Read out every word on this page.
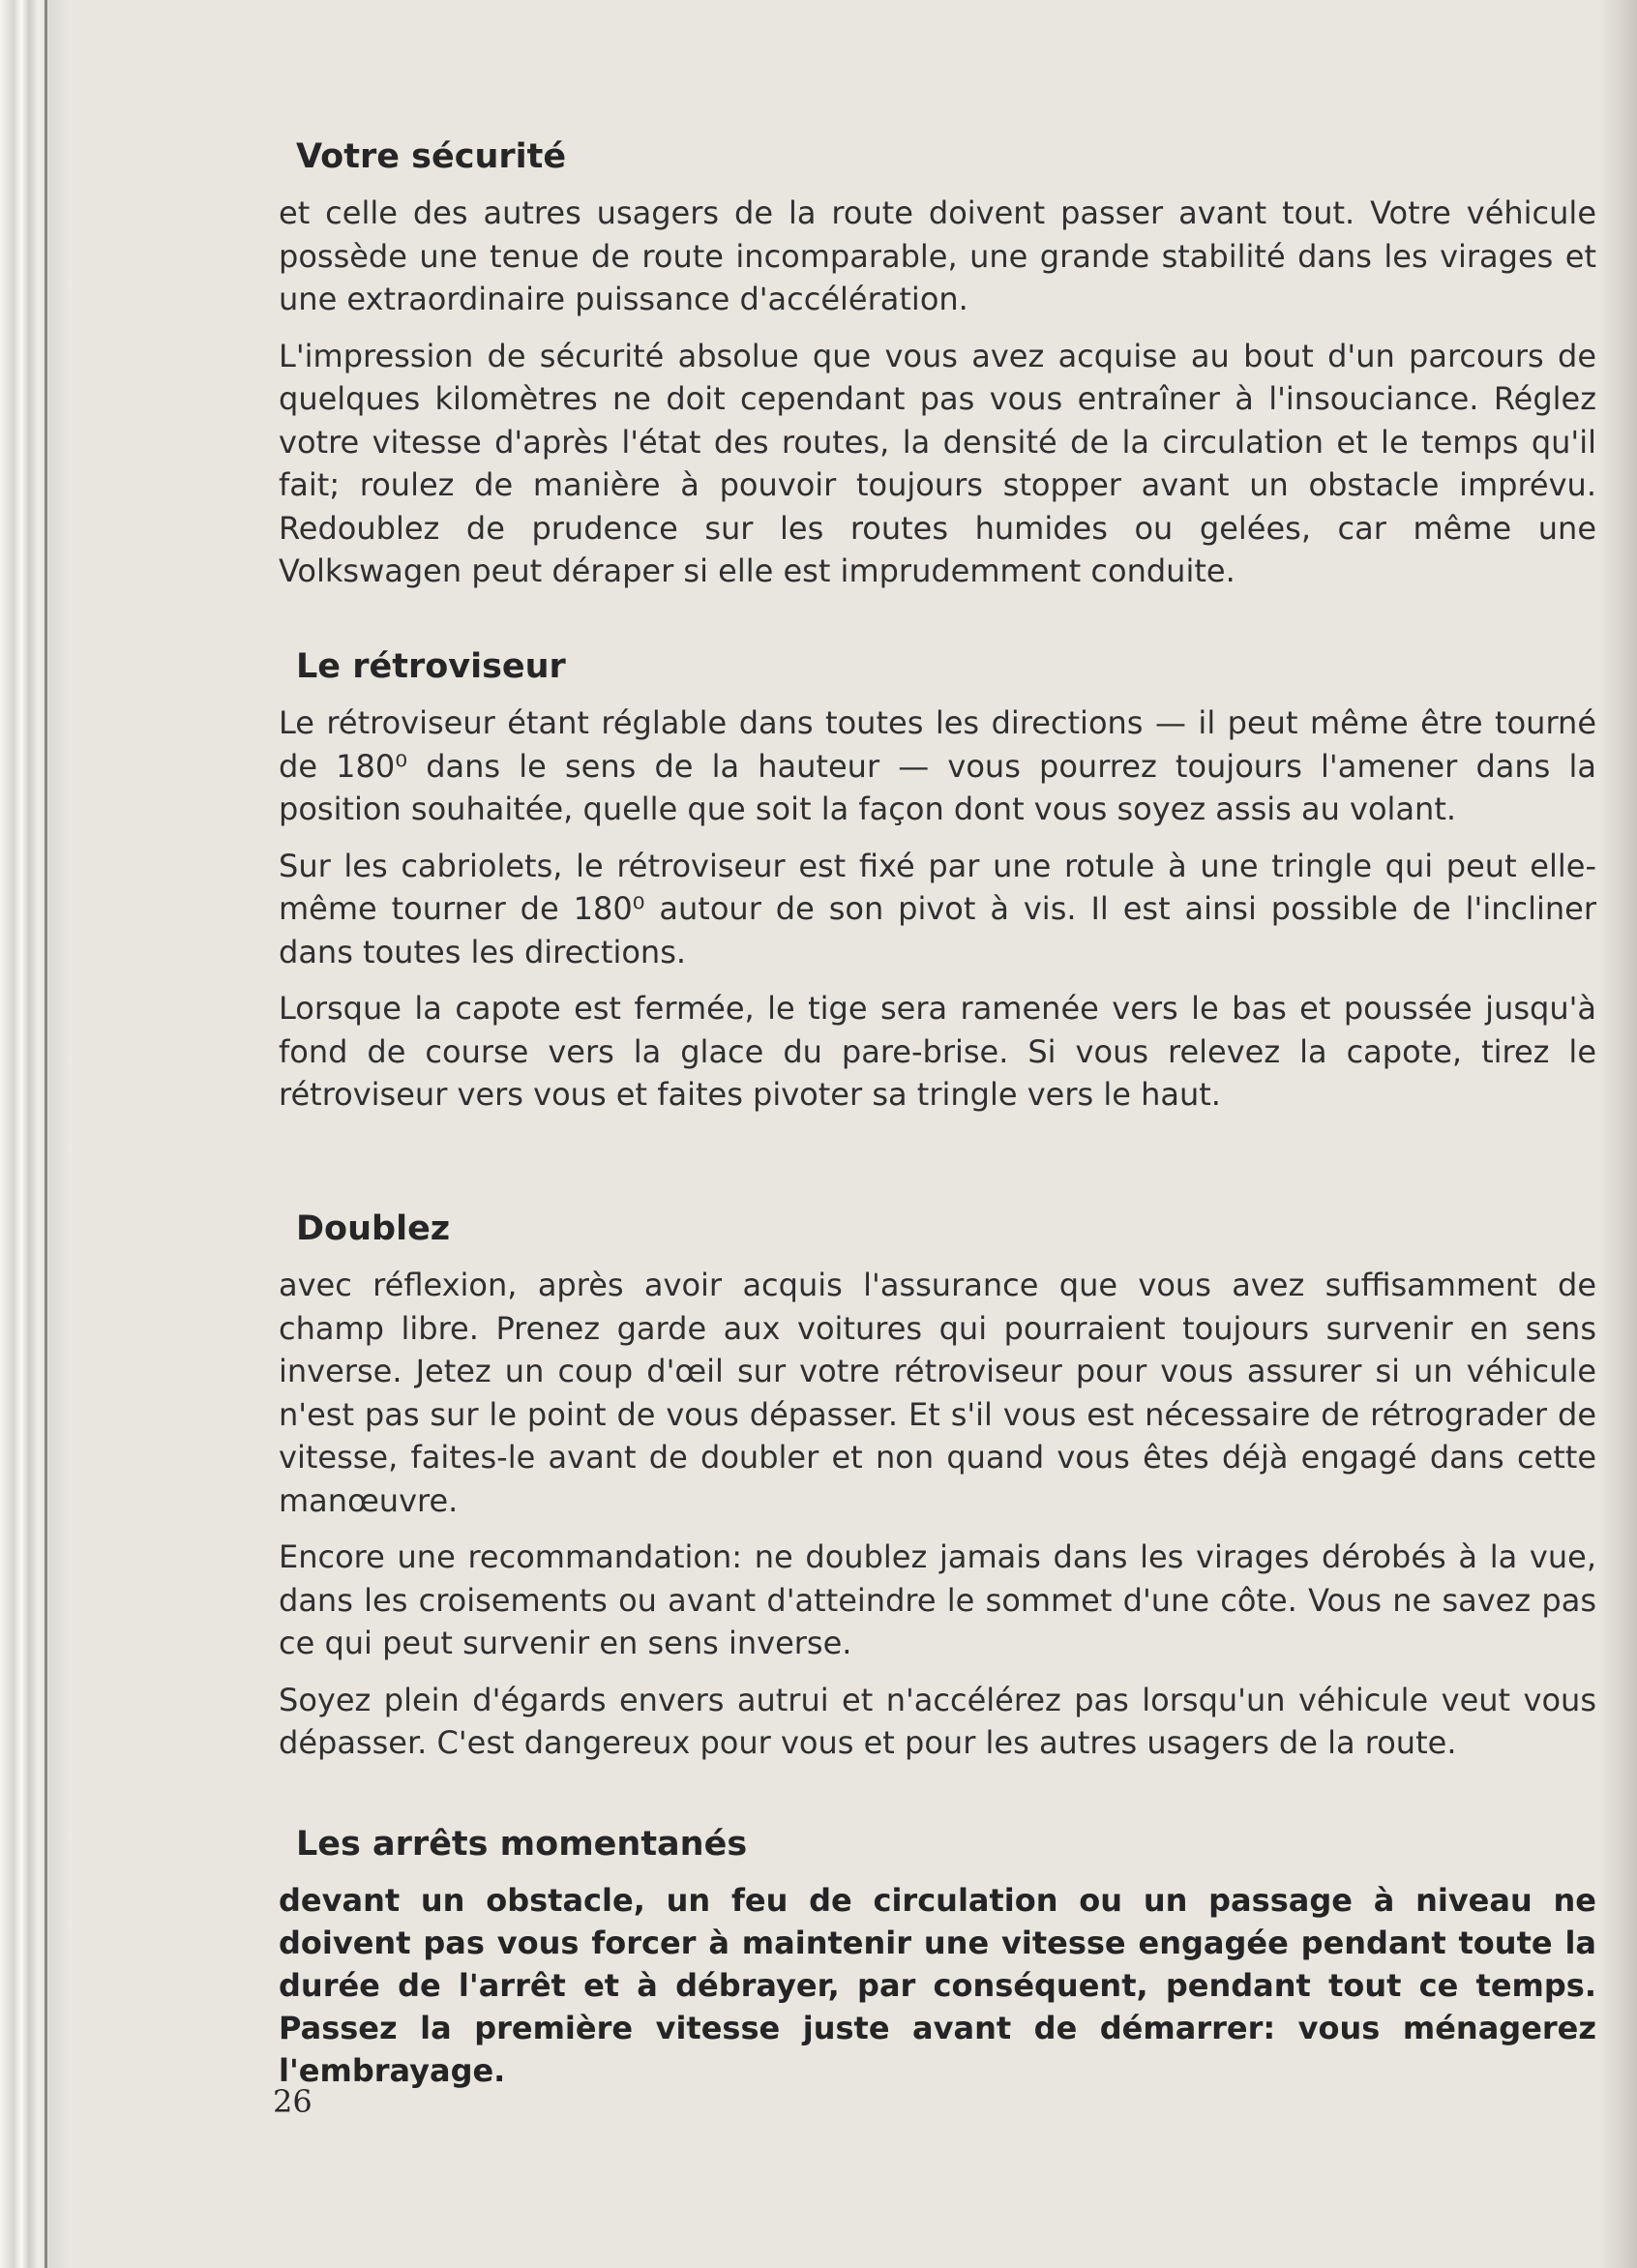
Votre sécurité

et celle des autres usagers de la route doivent passer avant tout. Votre véhicule possède une tenue de route incomparable, une grande stabilité dans les virages et une extraordinaire puissance d'accélération.

L'impression de sécurité absolue que vous avez acquise au bout d'un parcours de quelques kilomètres ne doit cependant pas vous entraîner à l'insouciance. Réglez votre vitesse d'après l'état des routes, la densité de la circulation et le temps qu'il fait; roulez de manière à pouvoir toujours stopper avant un obstacle imprévu. Redoublez de prudence sur les routes humides ou gelées, car même une Volkswagen peut déraper si elle est imprudemment conduite.

Le rétroviseur

Le rétroviseur étant réglable dans toutes les directions — il peut même être tourné de 180⁰ dans le sens de la hauteur — vous pourrez toujours l'amener dans la position souhaitée, quelle que soit la façon dont vous soyez assis au volant.

Sur les cabriolets, le rétroviseur est fixé par une rotule à une tringle qui peut elle-même tourner de 180⁰ autour de son pivot à vis. Il est ainsi possible de l'incliner dans toutes les directions.

Lorsque la capote est fermée, le tige sera ramenée vers le bas et poussée jusqu'à fond de course vers la glace du pare-brise. Si vous relevez la capote, tirez le rétroviseur vers vous et faites pivoter sa tringle vers le haut.

Doublez

avec réflexion, après avoir acquis l'assurance que vous avez suffisamment de champ libre. Prenez garde aux voitures qui pourraient toujours survenir en sens inverse. Jetez un coup d'œil sur votre rétroviseur pour vous assurer si un véhicule n'est pas sur le point de vous dépasser. Et s'il vous est nécessaire de rétrograder de vitesse, faites-le avant de doubler et non quand vous êtes déjà engagé dans cette manœuvre.

Encore une recommandation: ne doublez jamais dans les virages dérobés à la vue, dans les croisements ou avant d'atteindre le sommet d'une côte. Vous ne savez pas ce qui peut survenir en sens inverse.

Soyez plein d'égards envers autrui et n'accélérez pas lorsqu'un véhicule veut vous dépasser. C'est dangereux pour vous et pour les autres usagers de la route.

Les arrêts momentanés

devant un obstacle, un feu de circulation ou un passage à niveau ne doivent pas vous forcer à maintenir une vitesse engagée pendant toute la durée de l'arrêt et à débrayer, par conséquent, pendant tout ce temps. Passez la première vitesse juste avant de démarrer: vous ménagerez l'embrayage.

26
